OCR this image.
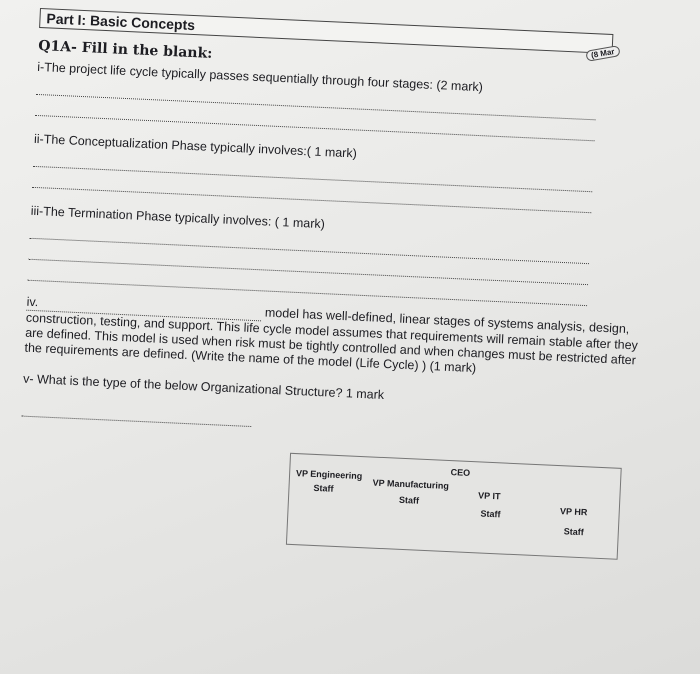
Part I: Basic Concepts
Q1A- Fill in the blank:
i-The project life cycle typically passes sequentially through four stages: (2 mark)
ii-The Conceptualization Phase typically involves:( 1 mark)
iii-The Termination Phase typically involves: ( 1 mark)
iv. model has well-defined, linear stages of systems analysis, design, construction, testing, and support. This life cycle model assumes that requirements will remain stable after they are defined. This model is used when risk must be tightly controlled and when changes must be restricted after the requirements are defined. (Write the name of the model (Life Cycle) ) (1 mark)
v- What is the type of the below Organizational Structure? 1 mark
CEO
VP Engineering
Staff	VP Manufacturing
Staff	VP IT
Staff	VP HR
Staff
(8 Mar
